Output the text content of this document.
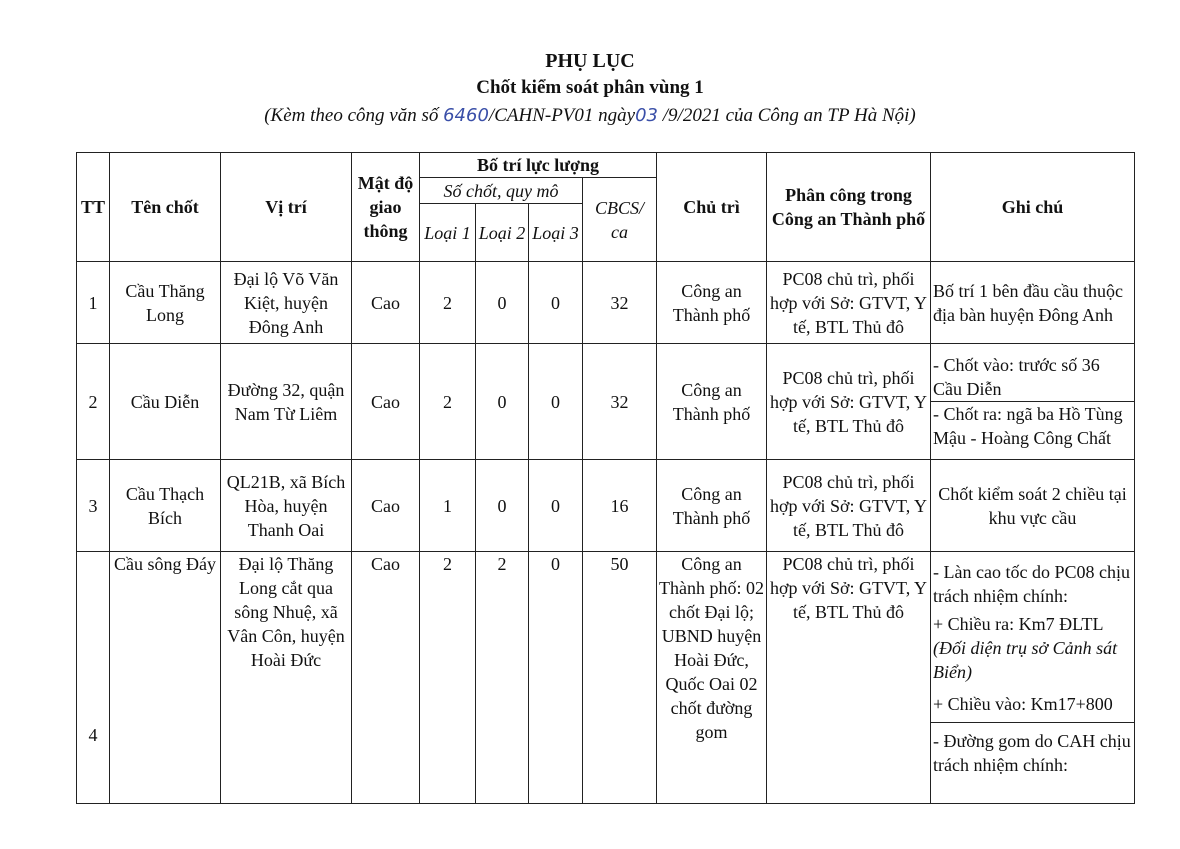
PHỤ LỤC
Chốt kiểm soát phân vùng 1
(Kèm theo công văn số 6460/CAHN-PV01 ngày03 /9/2021 của Công an TP Hà Nội)
TT	Tên chốt	Vị trí	Mật độ giao thông	Bố trí lực lượng				Chủ trì	Phân công trong Công an Thành phố	Ghi chú
				Số chốt, quy mô			CBCS/ ca			
				Loại 1	Loại 2	Loại 3				
1	Cầu Thăng Long	Đại lộ Võ Văn Kiệt, huyện Đông Anh	Cao	2	0	0	32	Công an Thành phố	PC08 chủ trì, phối hợp với Sở: GTVT, Y tế, BTL Thủ đô	Bố trí 1 bên đầu cầu thuộc địa bàn huyện Đông Anh
2	Cầu Diễn	Đường 32, quận Nam Từ Liêm	Cao	2	0	0	32	Công an Thành phố	PC08 chủ trì, phối hợp với Sở: GTVT, Y tế, BTL Thủ đô	- Chốt vào: trước số 36 Cầu Diễn
- Chốt ra: ngã ba Hồ Tùng Mậu - Hoàng Công Chất

3	Cầu Thạch Bích	QL21B, xã Bích Hòa, huyện Thanh Oai	Cao	1	0	0	16	Công an Thành phố	PC08 chủ trì, phối hợp với Sở: GTVT, Y tế, BTL Thủ đô	Chốt kiểm soát 2 chiều tại khu vực cầu
4	Cầu sông Đáy	Đại lộ Thăng Long cắt qua sông Nhuệ, xã Vân Côn, huyện Hoài Đức	Cao	2	2	0	50	Công an Thành phố: 02 chốt Đại lộ; UBND huyện Hoài Đức, Quốc Oai 02 chốt đường gom	PC08 chủ trì, phối hợp với Sở: GTVT, Y tế, BTL Thủ đô	- Làn cao tốc do PC08 chịu trách nhiệm chính:
+ Chiều ra: Km7 ĐLTL
(Đối diện trụ sở Cảnh sát Biển)
+ Chiều vào: Km17+800
- Đường gom do CAH chịu trách nhiệm chính:
